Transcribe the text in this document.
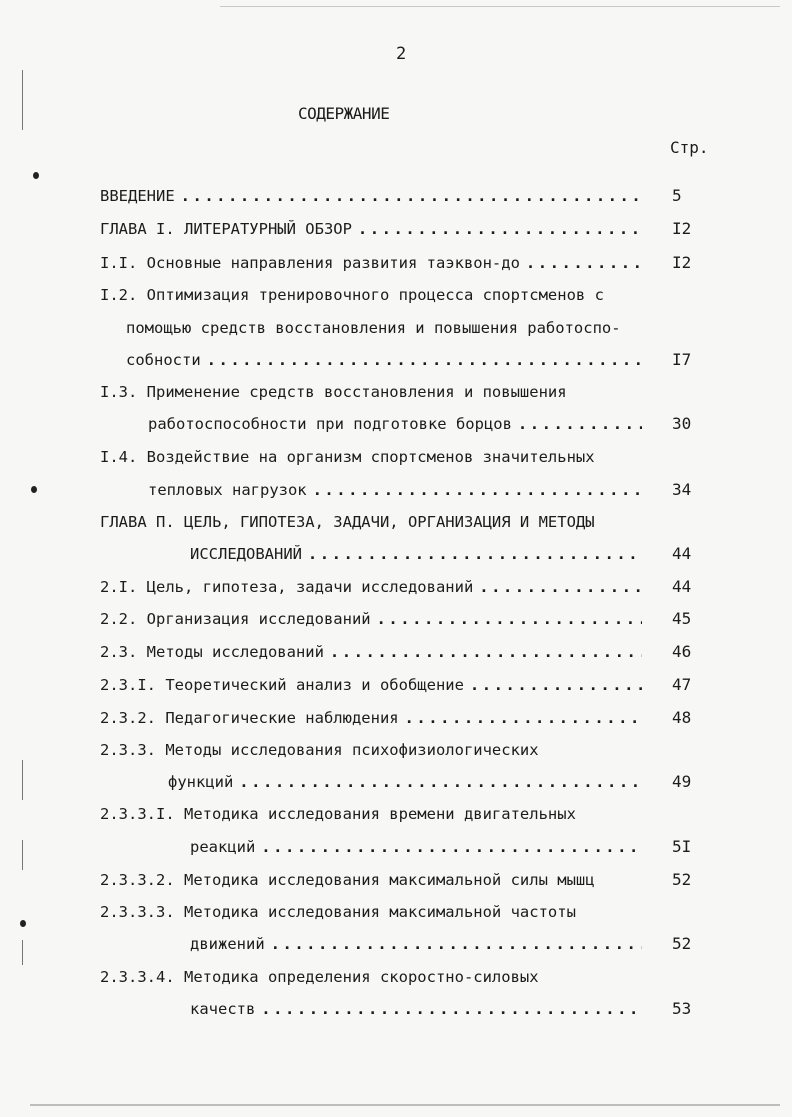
2
СОДЕРЖАНИЕ
Стр.
ВВЕДЕНИЕ . . .	5
ГЛАВА I. ЛИТЕРАТУРНЫЙ ОБЗОР . . .	I2
I.I. Основные направления развития таэквон-до . . .	I2
I.2. Оптимизация тренировочного процесса спортсменов с
помощью средств восстановления и повышения работоспо-
собности . . .	I7
I.3. Применение средств восстановления и повышения
работоспособности при подготовке борцов . . .	30
I.4. Воздействие на организм спортсменов значительных
тепловых нагрузок . . .	34
ГЛАВА П. ЦЕЛЬ, ГИПОТЕЗА, ЗАДАЧИ, ОРГАНИЗАЦИЯ И МЕТОДЫ
ИССЛЕДОВАНИЙ . . .	44
2.I. Цель, гипотеза, задачи исследований . . .	44
2.2. Организация исследований . . .	45
2.3. Методы исследований . . .	46
2.3.I. Теоретический анализ и обобщение . . .	47
2.3.2. Педагогические наблюдения . . .	48
2.3.3. Методы исследования психофизиологических
функций . . .	49
2.3.3.I. Методика исследования времени двигательных
реакций . . .	5I
2.3.3.2. Методика исследования максимальной силы мышц	52
2.3.3.3. Методика исследования максимальной частоты
движений . . .	52
2.3.3.4. Методика определения скоростно-силовых
качеств . . .	53
